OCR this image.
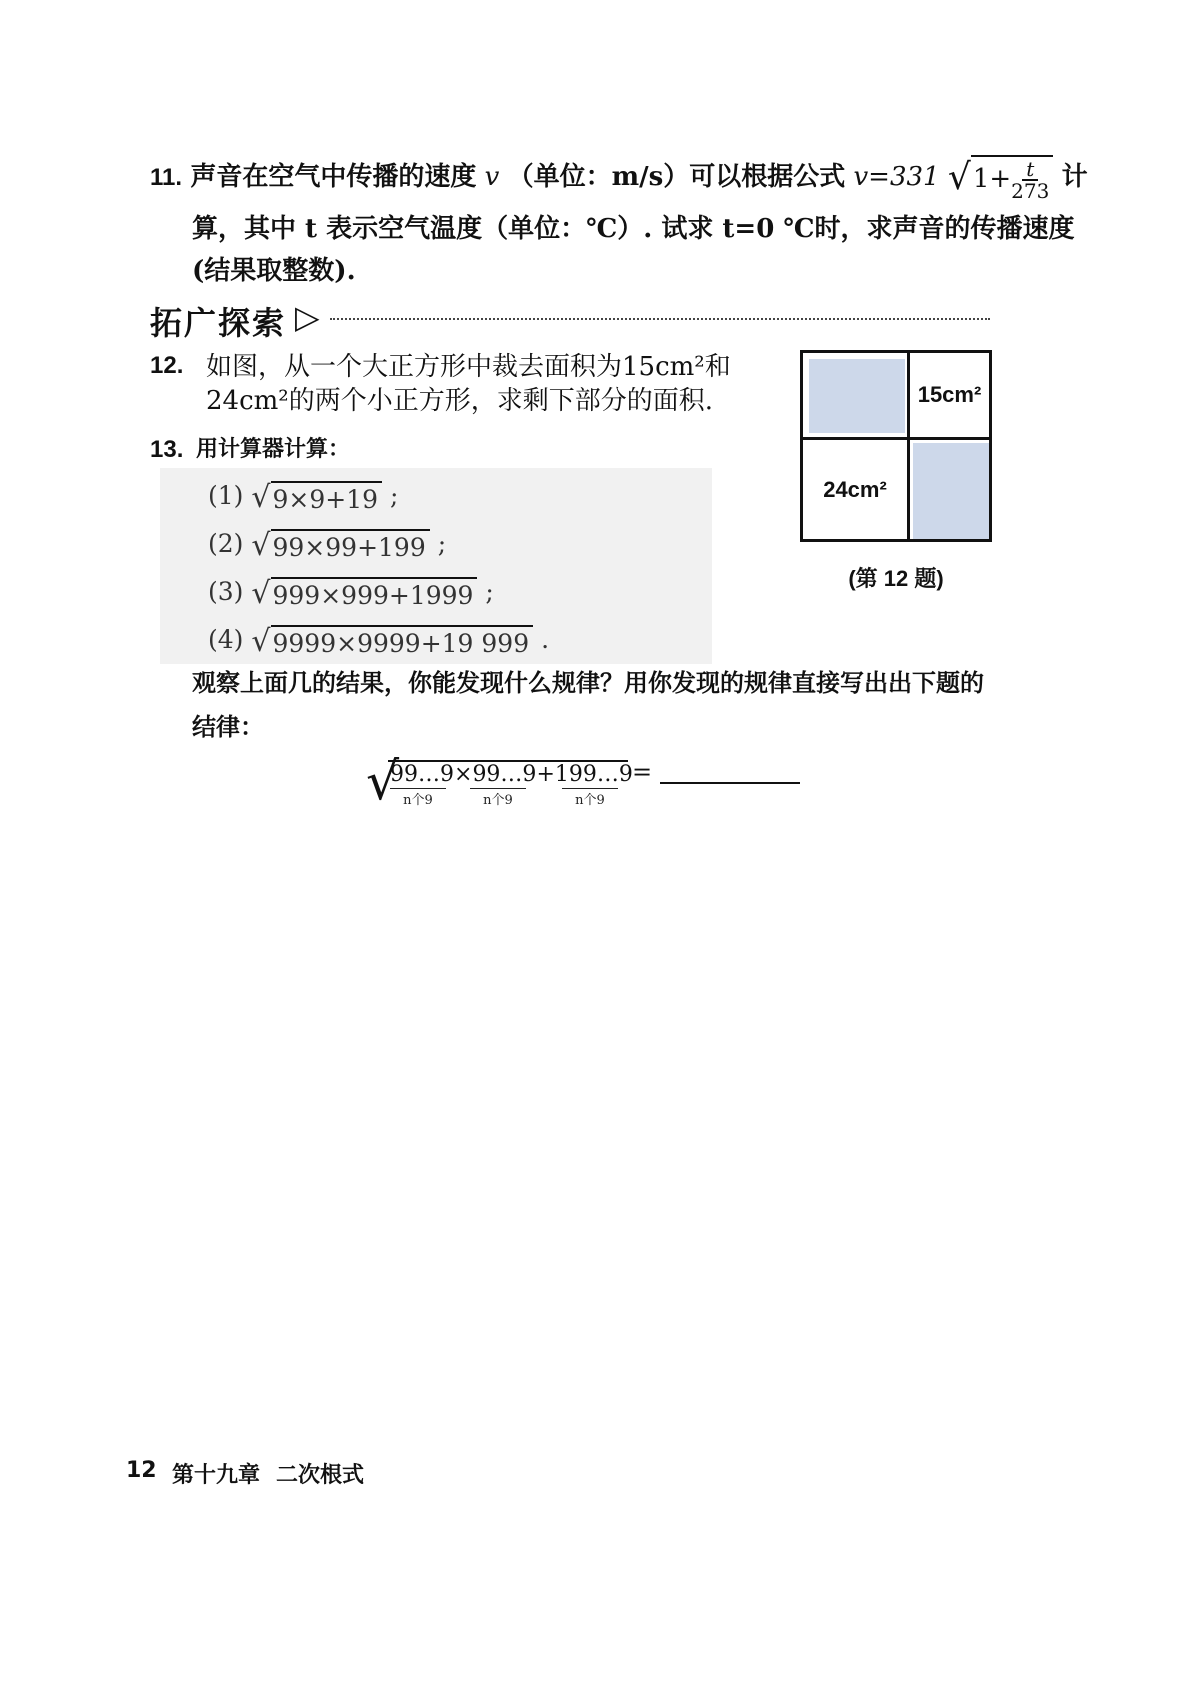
11. 声音在空气中传播的速度 v （单位：m/s）可以根据公式 v=331 $√1+ \frac{t}{273}$ 计
算，其中 t 表示空气温度（单位：℃）. 试求 t=0 ℃时，求声音的传播速度
(结果取整数).
拓广探索 ▷
12. 如图，从一个大正方形中裁去面积为15cm²和
24cm²的两个小正方形，求剩下部分的面积.	15cm²
24cm²
(第 12 题)
13. 用计算器计算：
(1) √9×9+19 ;
(2) √99×99+199 ;
(3) √999×999+1999 ;
(4) √9999×9999+19 999 .
观察上面几的结果，你能发现什么规律？用你发现的规律直接写出出下题的
结律：
√
99…9×99…9+199…9
n个9	n个9	n个9
=
12 第十九章 二次根式
